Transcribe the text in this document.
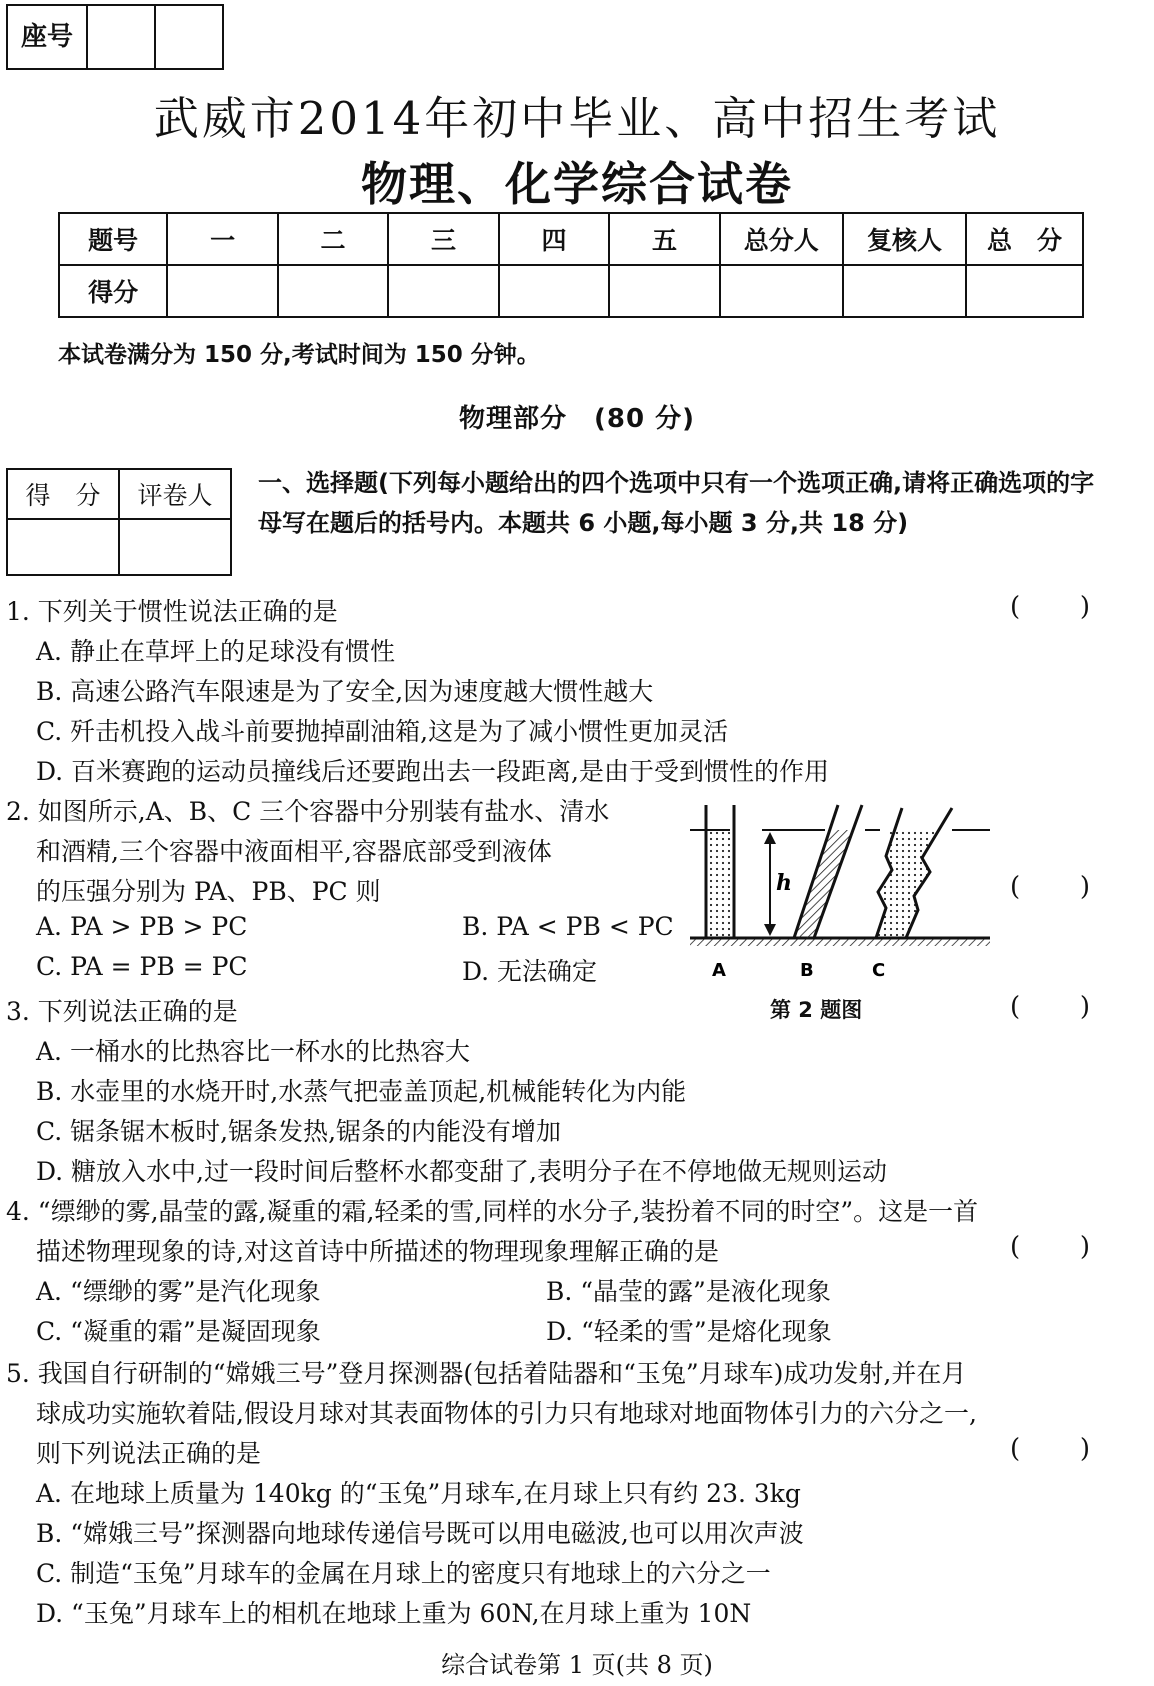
座号
武威市2014年初中毕业、高中招生考试
物理、化学综合试卷
题号	一	二	三	四	五	总分人	复核人	总　分
得分								
本试卷满分为 150 分,考试时间为 150 分钟。
物理部分　(80 分)
得　分	评卷人
	一、选择题(下列每小题给出的四个选项中只有一个选项正确,请将正确选项的字母写在题后的括号内。本题共 6 小题,每小题 3 分,共 18 分)
1. 下列关于惯性说法正确的是	( )
A. 静止在草坪上的足球没有惯性
B. 高速公路汽车限速是为了安全,因为速度越大惯性越大
C. 歼击机投入战斗前要抛掉副油箱,这是为了减小惯性更加灵活
D. 百米赛跑的运动员撞线后还要跑出去一段距离,是由于受到惯性的作用
2. 如图所示,A、B、C 三个容器中分别装有盐水、清水
和酒精,三个容器中液面相平,容器底部受到液体
的压强分别为 PA、PB、PC 则	( )
A. PA > PB > PC	B. PA < PB < PC
C. PA = PB = PC	D. 无法确定	A	B	C
h
第 2 题图
3. 下列说法正确的是	( )
A. 一桶水的比热容比一杯水的比热容大
B. 水壶里的水烧开时,水蒸气把壶盖顶起,机械能转化为内能
C. 锯条锯木板时,锯条发热,锯条的内能没有增加
D. 糖放入水中,过一段时间后整杯水都变甜了,表明分子在不停地做无规则运动
4. “缥缈的雾,晶莹的露,凝重的霜,轻柔的雪,同样的水分子,装扮着不同的时空”。这是一首
描述物理现象的诗,对这首诗中所描述的物理现象理解正确的是	( )
A. “缥缈的雾”是汽化现象	B. “晶莹的露”是液化现象
C. “凝重的霜”是凝固现象	D. “轻柔的雪”是熔化现象
5. 我国自行研制的“嫦娥三号”登月探测器(包括着陆器和“玉兔”月球车)成功发射,并在月
球成功实施软着陆,假设月球对其表面物体的引力只有地球对地面物体引力的六分之一,
则下列说法正确的是	( )
A. 在地球上质量为 140kg 的“玉兔”月球车,在月球上只有约 23. 3kg
B. “嫦娥三号”探测器向地球传递信号既可以用电磁波,也可以用次声波
C. 制造“玉兔”月球车的金属在月球上的密度只有地球上的六分之一
D. “玉兔”月球车上的相机在地球上重为 60N,在月球上重为 10N
综合试卷第 1 页(共 8 页)
